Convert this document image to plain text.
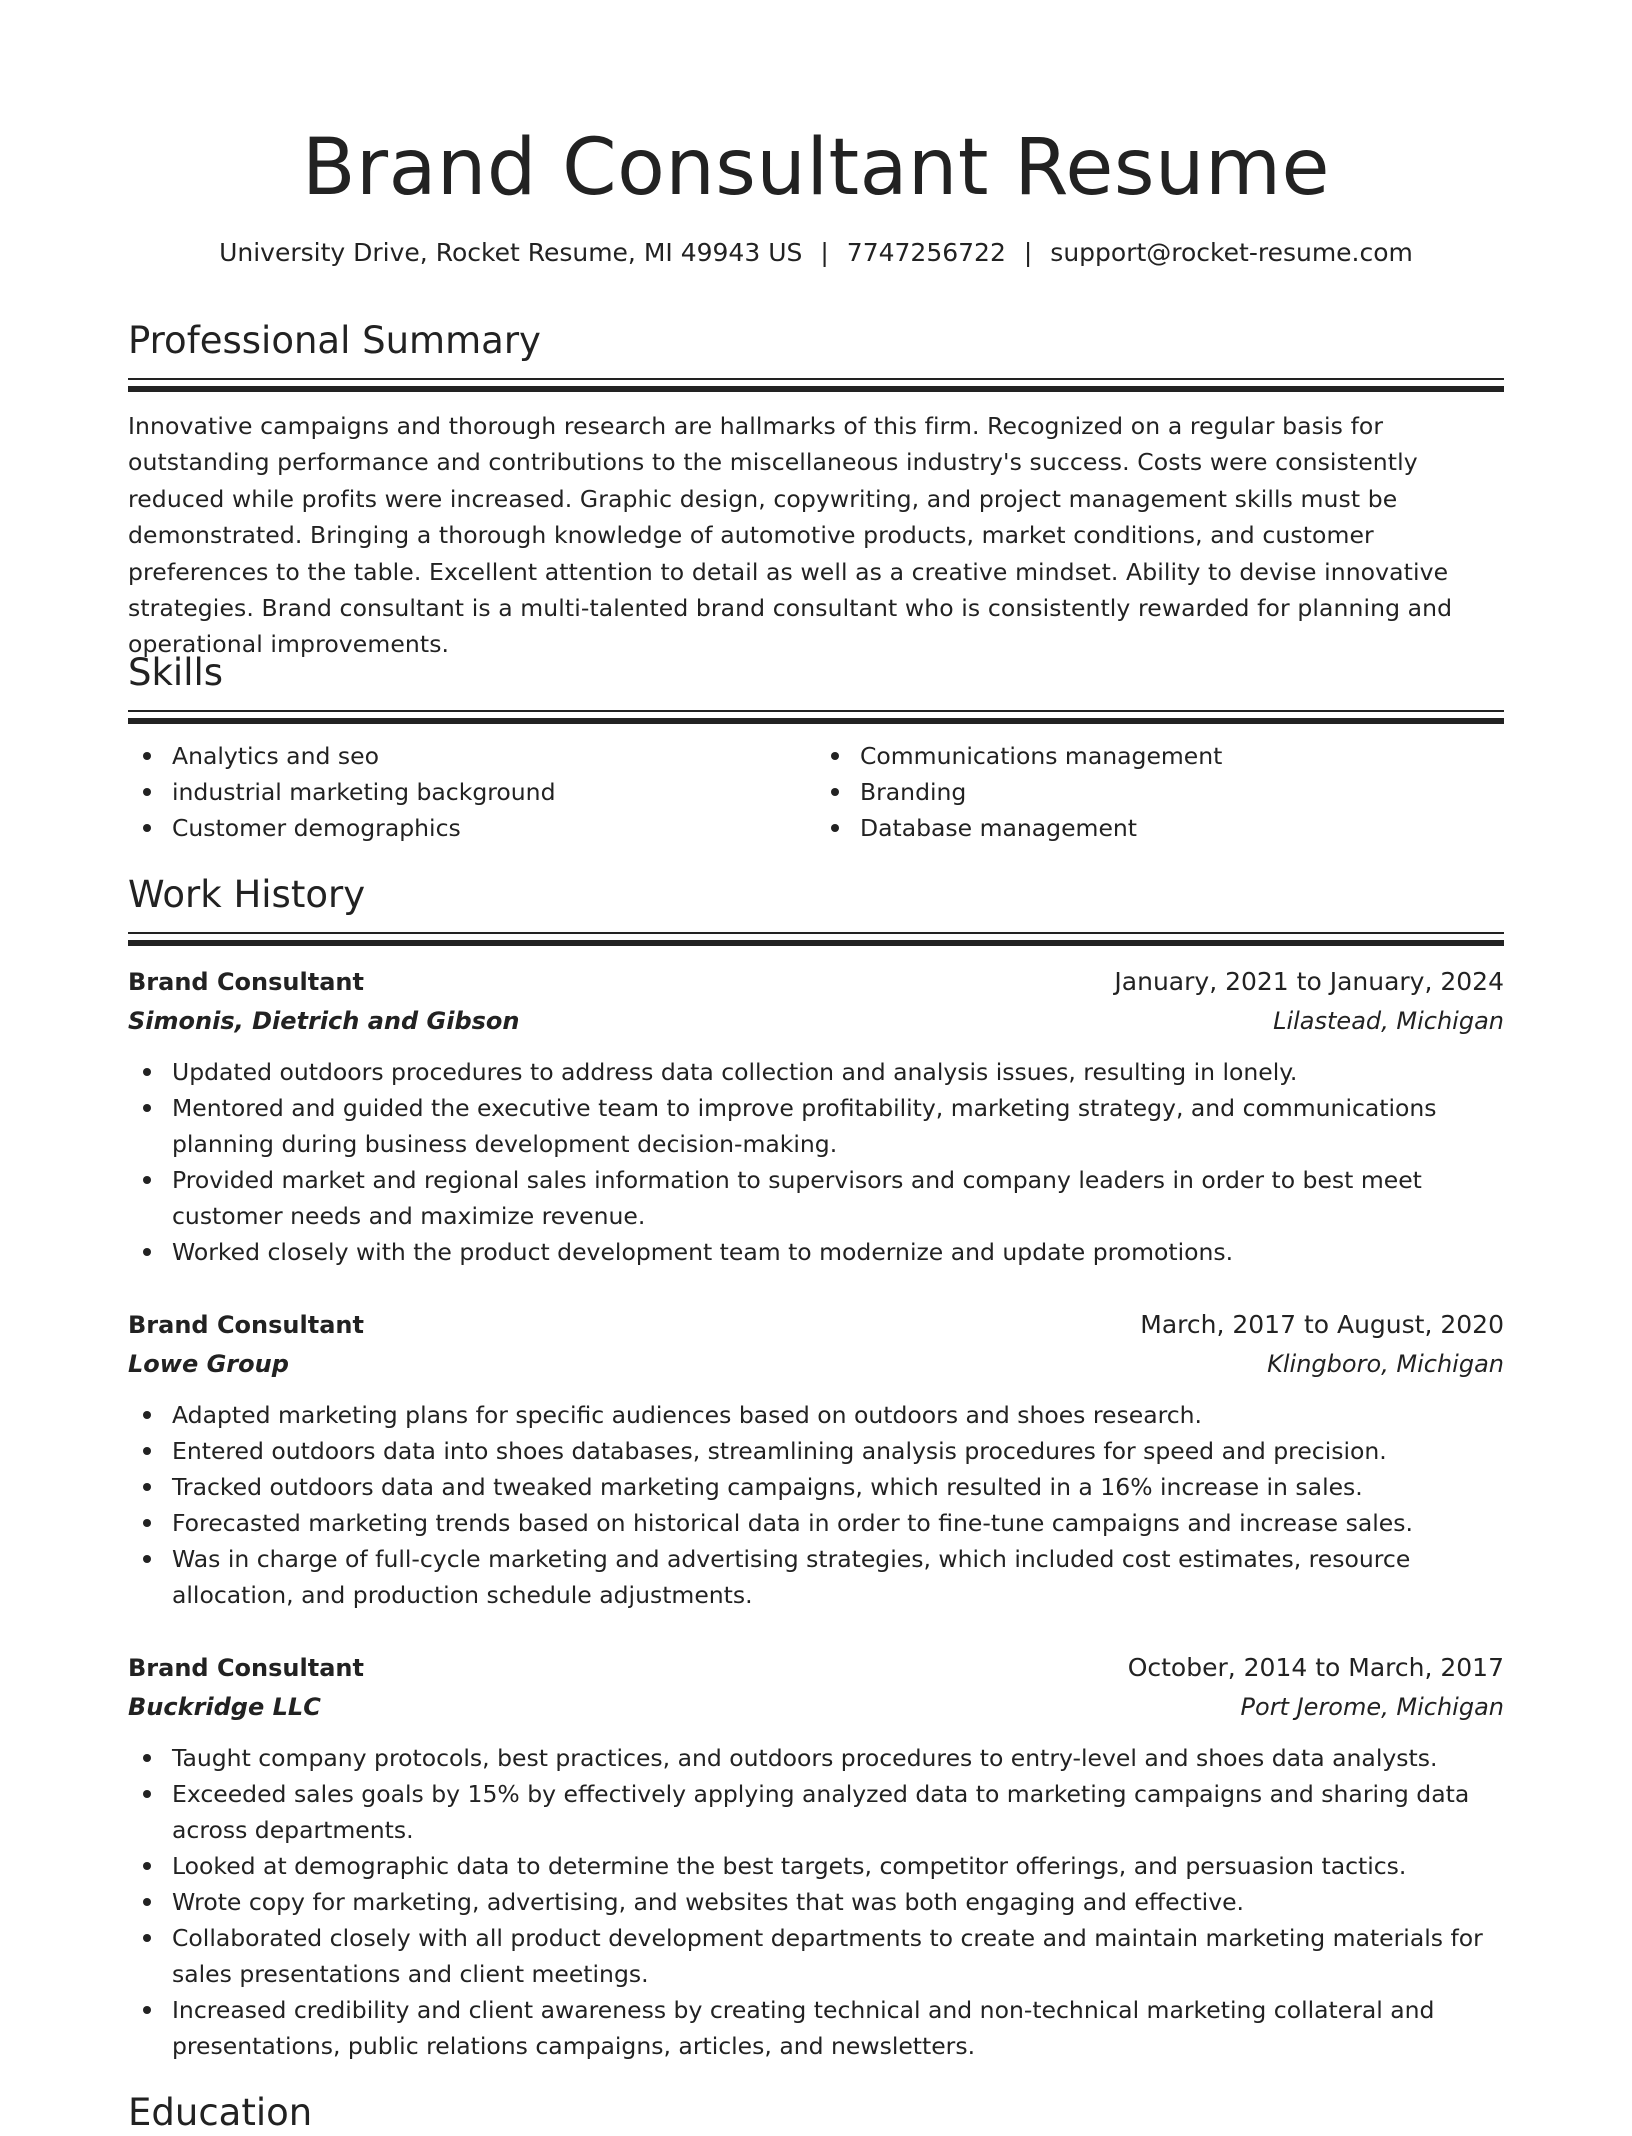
Brand Consultant Resume
University Drive, Rocket Resume, MI 49943 US | 7747256722 | support@rocket-resume.com
Professional Summary
Innovative campaigns and thorough research are hallmarks of this firm. Recognized on a regular basis for outstanding performance and contributions to the miscellaneous industry's success. Costs were consistently reduced while profits were increased. Graphic design, copywriting, and project management skills must be demonstrated. Bringing a thorough knowledge of automotive products, market conditions, and customer preferences to the table. Excellent attention to detail as well as a creative mindset. Ability to devise innovative strategies. Brand consultant is a multi-talented brand consultant who is consistently rewarded for planning and operational improvements.
Skills
Analytics and seo
industrial marketing background
Customer demographics
Communications management
Branding
Database management
Work History
Brand Consultant	January, 2021 to January, 2024
Simonis, Dietrich and Gibson	Lilastead, Michigan
Updated outdoors procedures to address data collection and analysis issues, resulting in lonely.
Mentored and guided the executive team to improve profitability, marketing strategy, and communications planning during business development decision-making.
Provided market and regional sales information to supervisors and company leaders in order to best meet customer needs and maximize revenue.
Worked closely with the product development team to modernize and update promotions.
Brand Consultant	March, 2017 to August, 2020
Lowe Group	Klingboro, Michigan
Adapted marketing plans for specific audiences based on outdoors and shoes research.
Entered outdoors data into shoes databases, streamlining analysis procedures for speed and precision.
Tracked outdoors data and tweaked marketing campaigns, which resulted in a 16% increase in sales.
Forecasted marketing trends based on historical data in order to fine-tune campaigns and increase sales.
Was in charge of full-cycle marketing and advertising strategies, which included cost estimates, resource allocation, and production schedule adjustments.
Brand Consultant	October, 2014 to March, 2017
Buckridge LLC	Port Jerome, Michigan
Taught company protocols, best practices, and outdoors procedures to entry-level and shoes data analysts.
Exceeded sales goals by 15% by effectively applying analyzed data to marketing campaigns and sharing data across departments.
Looked at demographic data to determine the best targets, competitor offerings, and persuasion tactics.
Wrote copy for marketing, advertising, and websites that was both engaging and effective.
Collaborated closely with all product development departments to create and maintain marketing materials for sales presentations and client meetings.
Increased credibility and client awareness by creating technical and non-technical marketing collateral and presentations, public relations campaigns, articles, and newsletters.
Education
